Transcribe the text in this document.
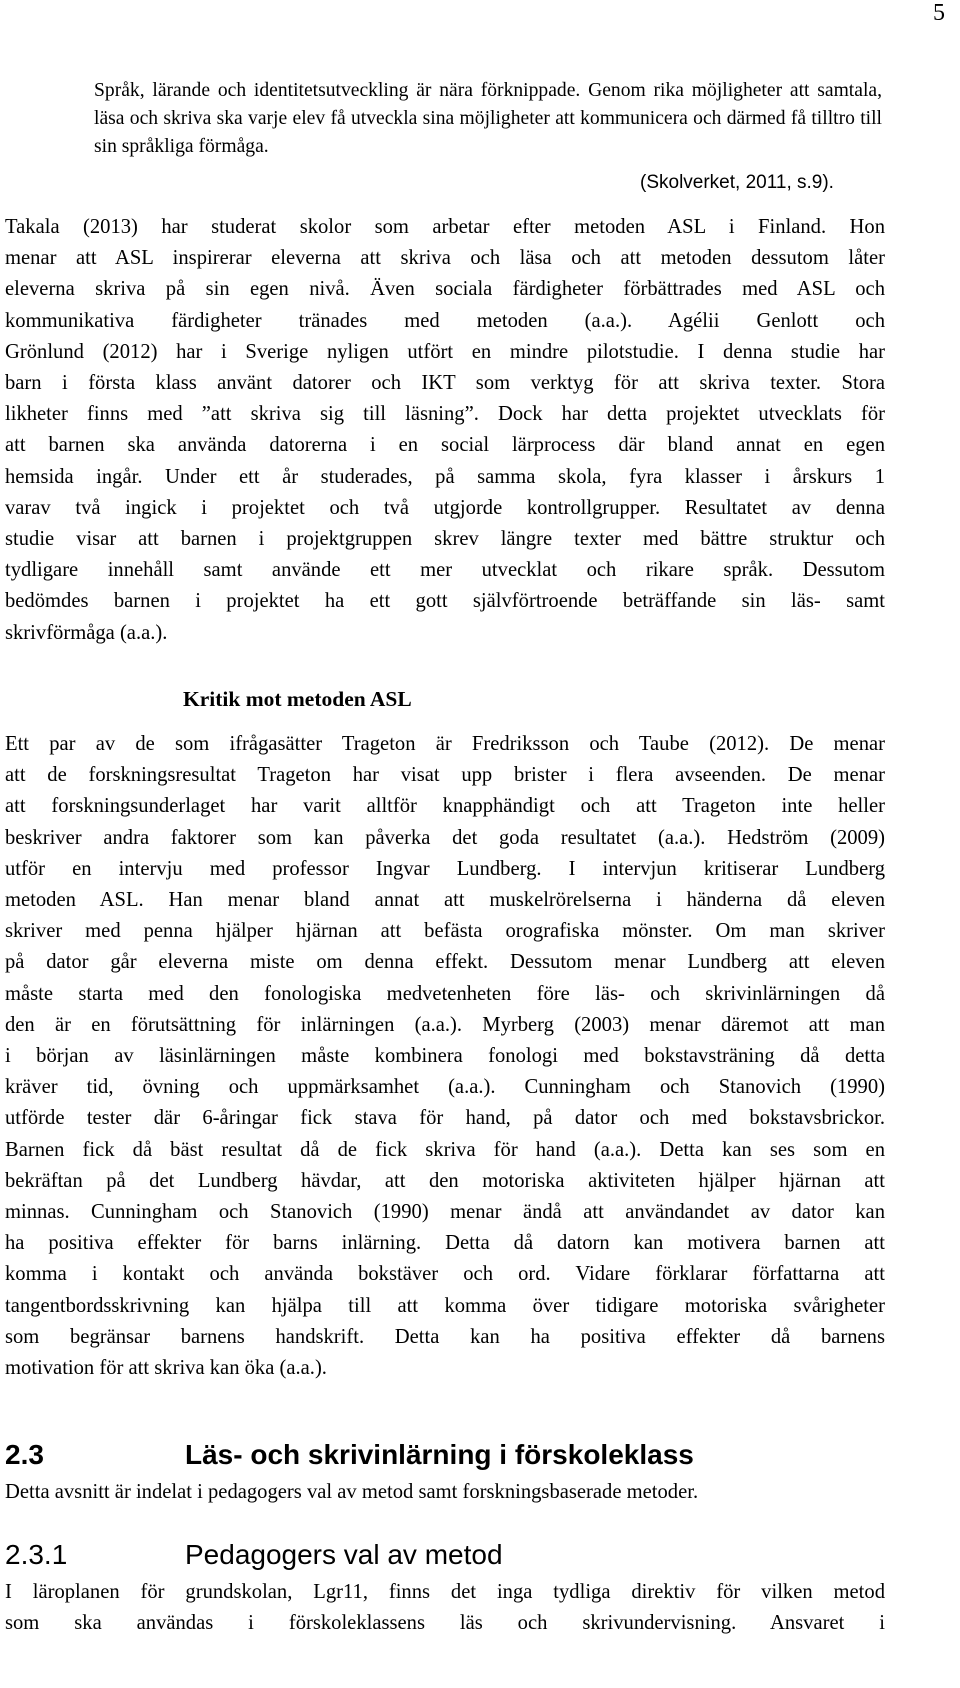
5
Språk, lärande och identitetsutveckling är nära förknippade. Genom rika möjligheter att samtala, läsa och skriva ska varje elev få utveckla sina möjligheter att kommunicera och därmed få tilltro till sin språkliga förmåga.
(Skolverket, 2011, s.9).
Takala (2013) har studerat skolor som arbetar efter metoden ASL i Finland. Hon
menar att ASL inspirerar eleverna att skriva och läsa och att metoden dessutom låter
eleverna skriva på sin egen nivå. Även sociala färdigheter förbättrades med ASL och
kommunikativa färdigheter tränades med metoden (a.a.). Agélii Genlott och
Grönlund (2012) har i Sverige nyligen utfört en mindre pilotstudie. I denna studie har
barn i första klass använt datorer och IKT som verktyg för att skriva texter. Stora
likheter finns med ”att skriva sig till läsning”. Dock har detta projektet utvecklats för
att barnen ska använda datorerna i en social lärprocess där bland annat en egen
hemsida ingår. Under ett år studerades, på samma skola, fyra klasser i årskurs 1
varav två ingick i projektet och två utgjorde kontrollgrupper. Resultatet av denna
studie visar att barnen i projektgruppen skrev längre texter med bättre struktur och
tydligare innehåll samt använde ett mer utvecklat och rikare språk. Dessutom
bedömdes barnen i projektet ha ett gott självförtroende beträffande sin läs- samt
skrivförmåga (a.a.).
Kritik mot metoden ASL
Ett par av de som ifrågasätter Trageton är Fredriksson och Taube (2012). De menar
att de forskningsresultat Trageton har visat upp brister i flera avseenden. De menar
att forskningsunderlaget har varit alltför knapphändigt och att Trageton inte heller
beskriver andra faktorer som kan påverka det goda resultatet (a.a.). Hedström (2009)
utför en intervju med professor Ingvar Lundberg. I intervjun kritiserar Lundberg
metoden ASL. Han menar bland annat att muskelrörelserna i händerna då eleven
skriver med penna hjälper hjärnan att befästa orografiska mönster. Om man skriver
på dator går eleverna miste om denna effekt. Dessutom menar Lundberg att eleven
måste starta med den fonologiska medvetenheten före läs- och skrivinlärningen då
den är en förutsättning för inlärningen (a.a.). Myrberg (2003) menar däremot att man
i början av läsinlärningen måste kombinera fonologi med bokstavsträning då detta
kräver tid, övning och uppmärksamhet (a.a.). Cunningham och Stanovich (1990)
utförde tester där 6-åringar fick stava för hand, på dator och med bokstavsbrickor.
Barnen fick då bäst resultat då de fick skriva för hand (a.a.). Detta kan ses som en
bekräftan på det Lundberg hävdar, att den motoriska aktiviteten hjälper hjärnan att
minnas. Cunningham och Stanovich (1990) menar ändå att användandet av dator kan
ha positiva effekter för barns inlärning. Detta då datorn kan motivera barnen att
komma i kontakt och använda bokstäver och ord. Vidare förklarar författarna att
tangentbordsskrivning kan hjälpa till att komma över tidigare motoriska svårigheter
som begränsar barnens handskrift. Detta kan ha positiva effekter då barnens
motivation för att skriva kan öka (a.a.).
2.3	Läs- och skrivinlärning i förskoleklass
Detta avsnitt är indelat i pedagogers val av metod samt forskningsbaserade metoder.
2.3.1	Pedagogers val av metod
I läroplanen för grundskolan, Lgr11, finns det inga tydliga direktiv för vilken metod
som ska användas i förskoleklassens läs och skrivundervisning. Ansvaret i
